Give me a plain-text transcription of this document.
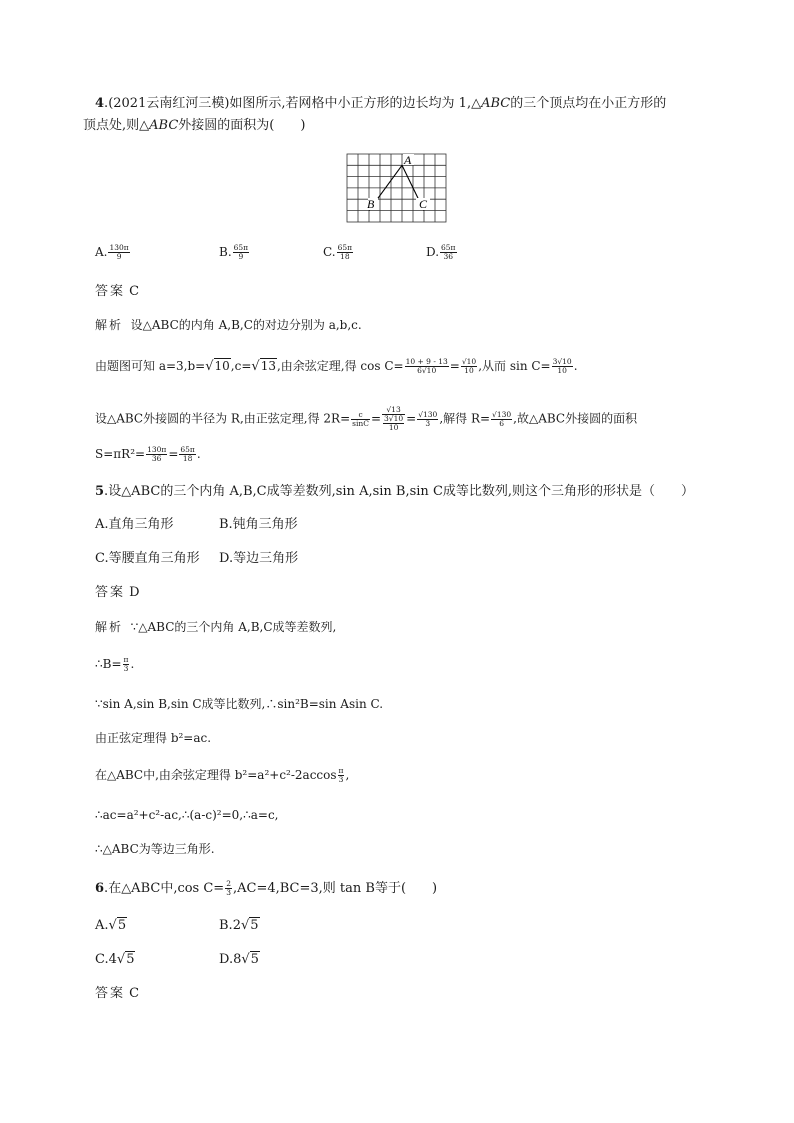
4.(2021云南红河三模)如图所示,若网格中小正方形的边长均为 1,△ABC的三个顶点均在小正方形的
顶点处,则△ABC外接圆的面积为(　　)
A
B	C
A. $\frac{130\pi}{9}$	B. $\frac{65\pi}{9}$	C. $\frac{65\pi}{18}$	D. $\frac{65\pi}{36}$
答案 C
解析 设△ABC的内角 A,B,C的对边分别为 a,b,c.
由题图可知 a=3,b=√10,c=√13,由余弦定理,得 $\cos C= \frac{10 + 9 - 13}{6√10} = \frac{√10}{10}$ ,从而 $\sin C= \frac{3√10}{10}$ .
设△ABC外接圆的半径为 R,由正弦定理,得 $2R= \frac{c}{\sin C} = \frac{√13}{\frac{3√10}{10}} = \frac{√130}{3}$ ,解得 $R= \frac{√130}{6}$ ,故△ABC外接圆的面积
$S=\pi R^2= \frac{130\pi}{36} = \frac{65\pi}{18}$ .
5.设△ABC的三个内角 A,B,C成等差数列,sin A,sin B,sin C成等比数列,则这个三角形的形状是（　　）
A.直角三角形	B.钝角三角形
C.等腰直角三角形 D.等边三角形
答案 D
解析 ∵△ABC的三个内角 A,B,C成等差数列,
∴B= $\frac{\pi}{3}$ .
∵sin A,sin B,sin C成等比数列,∴sin²B=sin Asin C.
由正弦定理得 b²=ac.
在△ABC中,由余弦定理得 $b^2=a^2+c^2-2accos \frac{\pi}{3}$ ,
∴ac=a²+c²-ac,∴(a-c)²=0,∴a=c,
∴△ABC为等边三角形.
6.在△ABC中,cos $C= \frac{2}{3} ,AC=4,BC=3$,则 tan B等于(　　)
A.√5	B.2√5
C.4√5	D.8√5
答案 C
